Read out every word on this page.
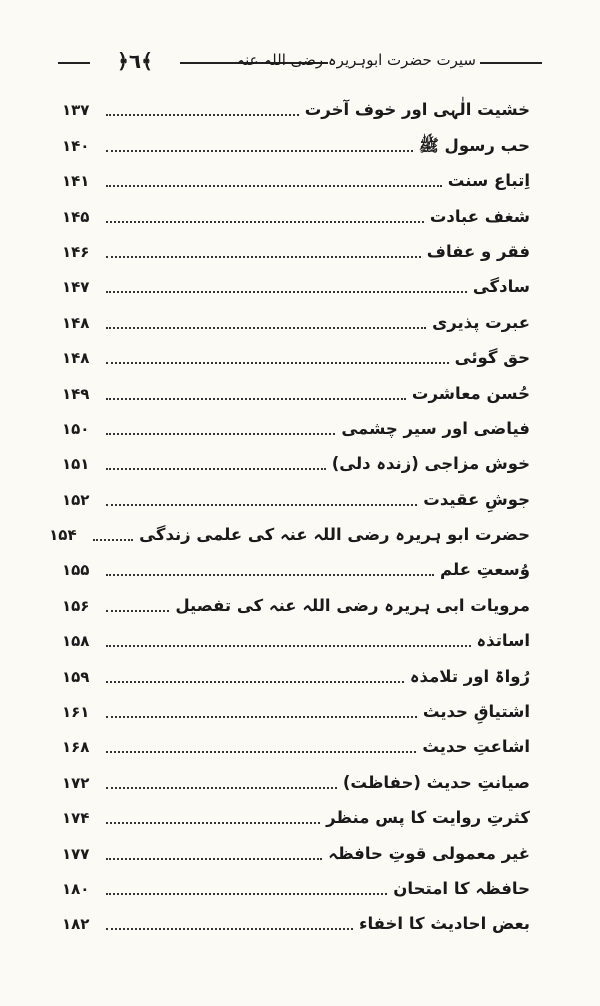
﴿٦﴾	سیرت حضرت ابوہریرہ رضی اللہ عنہ
خشیت الٰہی اور خوف آخرت
۱۳۷
حب رسول ﷺ
۱۴۰
اِتباع سنت
۱۴۱
شغف عبادت
۱۴۵
فقر و عفاف
۱۴۶
سادگی
۱۴۷
عبرت پذیری
۱۴۸
حق گوئی
۱۴۸
حُسن معاشرت
۱۴۹
فیاضی اور سیر چشمی
۱۵۰
خوش مزاجی (زندہ دلی)
۱۵۱
جوشِ عقیدت
۱۵۲
حضرت ابو ہریرہ رضی اللہ عنہ کی علمی زندگی
۱۵۴
وُسعتِ علم
۱۵۵
مرویات ابی ہریرہ رضی اللہ عنہ کی تفصیل
۱۵۶
اساتذہ
۱۵۸
رُواۃ اور تلامذہ
۱۵۹
اشتیاقِ حدیث
۱۶۱
اشاعتِ حدیث
۱۶۸
صیانتِ حدیث (حفاظت)
۱۷۲
کثرتِ روایت کا پس منظر
۱۷۴
غیر معمولی قوتِ حافظہ
۱۷۷
حافظہ کا امتحان
۱۸۰
بعض احادیث کا اخفاء
۱۸۲
